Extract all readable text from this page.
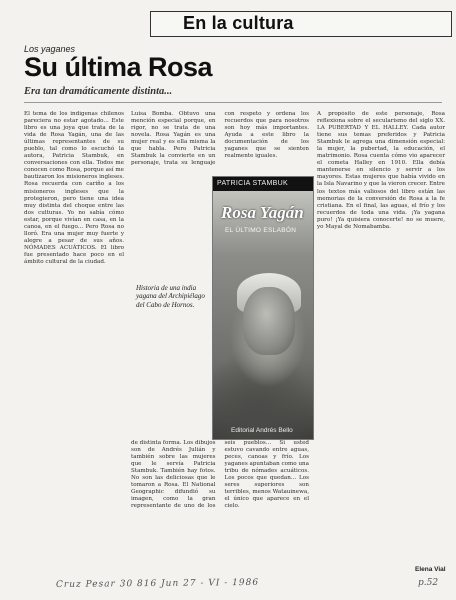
En la cultura
Los yaganes
Su última Rosa
Era tan dramáticamente distinta...

El tema de los indígenas chilenos pareciera no estar agotado... Este libro es una joya que trata de la vida de Rosa Yagán, una de las últimas representantes de su pueblo, tal como lo escuchó la autora, Patricia Stambuk, en conversaciones con ella. Todos me conocen como Rosa, porque así me bautizaron los misioneros ingleses. Rosa recuerda con cariño a los misioneros ingleses que la protegieron, pero tiene una idea muy distinta del choque entre las dos culturas. Yo no sabía cómo estar, porque vivían en casa, en la canoa, en el fuego... Pero Rosa no lloró. Era una mujer muy fuerte y alegre a pesar de sus años. NÓMADES ACUÁTICOS. El libro fue presentado hace poco en el ámbito cultural de la ciudad.

Luisa Bomba. Obtuvo una mención especial porque, en rigor, no se trata de una novela. Rosa Yagán es una mujer real y es ella misma la que habla. Pero Patricia Stambuk la convierte en un personaje, trata su lenguaje con respeto y ordena los recuerdos que para nosotros son hoy más importantes. Ayuda a este libro la documentación de los yaganes que se sienten realmente iguales.

Historia de una india yagana del Archipiélago del Cabo de Hornos.
PATRICIA STAMBUK
Rosa Yagán
EL ÚLTIMO ESLABÓN
Editorial Andrés Bello

de distinta forma. Los dibujos son de Andrés Julián y también sobre las mujeres que le servía Patricia Stambuk. También hay fotos. No son las deliciosas que le tomaron a Rosa. El National Geographic difundió su imagen, como la gran representante de uno de los seis pueblos... Si usted estuvo cavando entre aguas, peces, canoas y frío. Los yaganes apuntaban como una tribu de nómades acuáticos. Los pocos que quedan... Los seres superiores son terribles, menos Watauinewa, el único que aparece en el cielo.

A propósito de este personaje, Rosa reflexiona sobre el secularismo del siglo XX. LA PUBERTAD Y EL HALLEY. Cada autor tiene sus temas preferidos y Patricia Stambuk le agrega una dimensión especial: la mujer, la pubertad, la educación, el matrimonio. Rosa cuenta cómo vio aparecer el cometa Halley en 1910. Ella debía mantenerse en silencio y servir a los mayores. Estas mujeres que había vivido en la Isla Navarino y que la vieron crecer. Entre los textos más valiosos del libro están las memorias de la conversión de Rosa a la fe cristiana. En el final, las aguas, el frío y los recuerdos de toda una vida. ¡Ya yagana puro! ¡Ya quisiera conocerte! no se muere, yo Mayal de Nomabamba.

Elena Vial
Cruz Pesar 30 816 Jun 27 - VI - 1986	p.52
